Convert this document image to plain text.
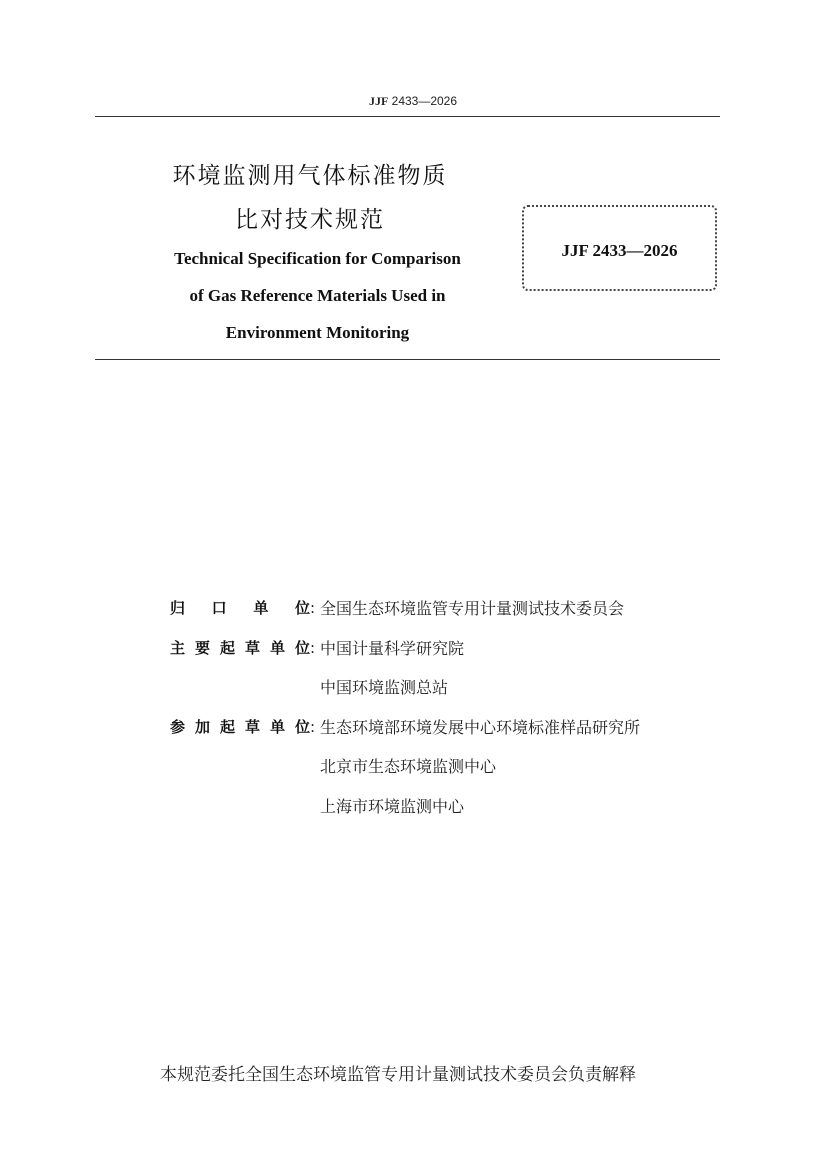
JJF 2433—2026
环境监测用气体标准物质
比对技术规范
Technical Specification for Comparison
of Gas Reference Materials Used in
Environment Monitoring
JJF 2433—2026
归口单位 : 全国生态环境监管专用计量测试技术委员会
主要起草单位 : 中国计量科学研究院
中国环境监测总站
参加起草单位 : 生态环境部环境发展中心环境标准样品研究所
北京市生态环境监测中心
上海市环境监测中心
本规范委托全国生态环境监管专用计量测试技术委员会负责解释
